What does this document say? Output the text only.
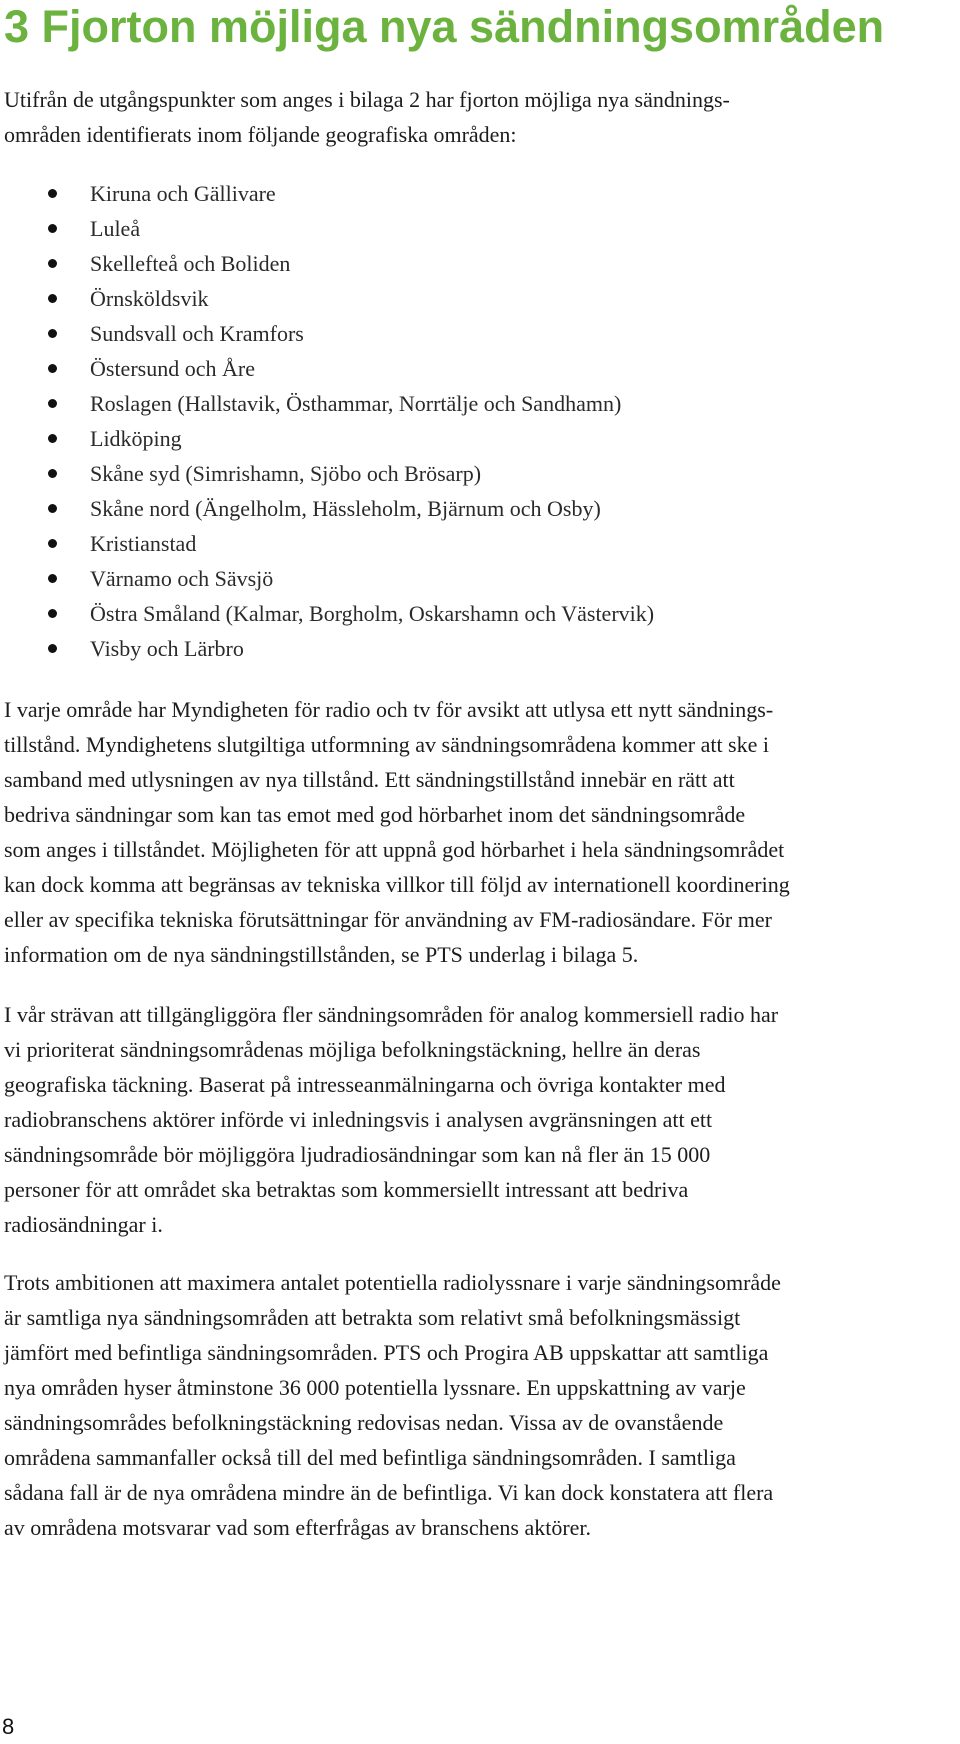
3 Fjorton möjliga nya sändningsområden

Utifrån de utgångspunkter som anges i bilaga 2 har fjorton möjliga nya sändnings-
områden identifierats inom följande geografiska områden:

Kiruna och Gällivare
Luleå
Skellefteå och Boliden
Örnsköldsvik
Sundsvall och Kramfors
Östersund och Åre
Roslagen (Hallstavik, Östhammar, Norrtälje och Sandhamn)
Lidköping
Skåne syd (Simrishamn, Sjöbo och Brösarp)
Skåne nord (Ängelholm, Hässleholm, Bjärnum och Osby)
Kristianstad
Värnamo och Sävsjö
Östra Småland (Kalmar, Borgholm, Oskarshamn och Västervik)
Visby och Lärbro

I varje område har Myndigheten för radio och tv för avsikt att utlysa ett nytt sändnings-
tillstånd. Myndighetens slutgiltiga utformning av sändningsområdena kommer att ske i
samband med utlysningen av nya tillstånd. Ett sändningstillstånd innebär en rätt att
bedriva sändningar som kan tas emot med god hörbarhet inom det sändningsområde
som anges i tillståndet. Möjligheten för att uppnå god hörbarhet i hela sändningsområdet
kan dock komma att begränsas av tekniska villkor till följd av internationell koordinering
eller av specifika tekniska förutsättningar för användning av FM-radiosändare. För mer
information om de nya sändningstillstånden, se PTS underlag i bilaga 5.

I vår strävan att tillgängliggöra fler sändningsområden för analog kommersiell radio har
vi prioriterat sändningsområdenas möjliga befolkningstäckning, hellre än deras
geografiska täckning. Baserat på intresseanmälningarna och övriga kontakter med
radiobranschens aktörer införde vi inledningsvis i analysen avgränsningen att ett
sändningsområde bör möjliggöra ljudradiosändningar som kan nå fler än 15 000
personer för att området ska betraktas som kommersiellt intressant att bedriva
radiosändningar i.

Trots ambitionen att maximera antalet potentiella radiolyssnare i varje sändningsområde
är samtliga nya sändningsområden att betrakta som relativt små befolkningsmässigt
jämfört med befintliga sändningsområden. PTS och Progira AB uppskattar att samtliga
nya områden hyser åtminstone 36 000 potentiella lyssnare. En uppskattning av varje
sändningsområdes befolkningstäckning redovisas nedan. Vissa av de ovanstående
områdena sammanfaller också till del med befintliga sändningsområden. I samtliga
sådana fall är de nya områdena mindre än de befintliga. Vi kan dock konstatera att flera
av områdena motsvarar vad som efterfrågas av branschens aktörer.

8
